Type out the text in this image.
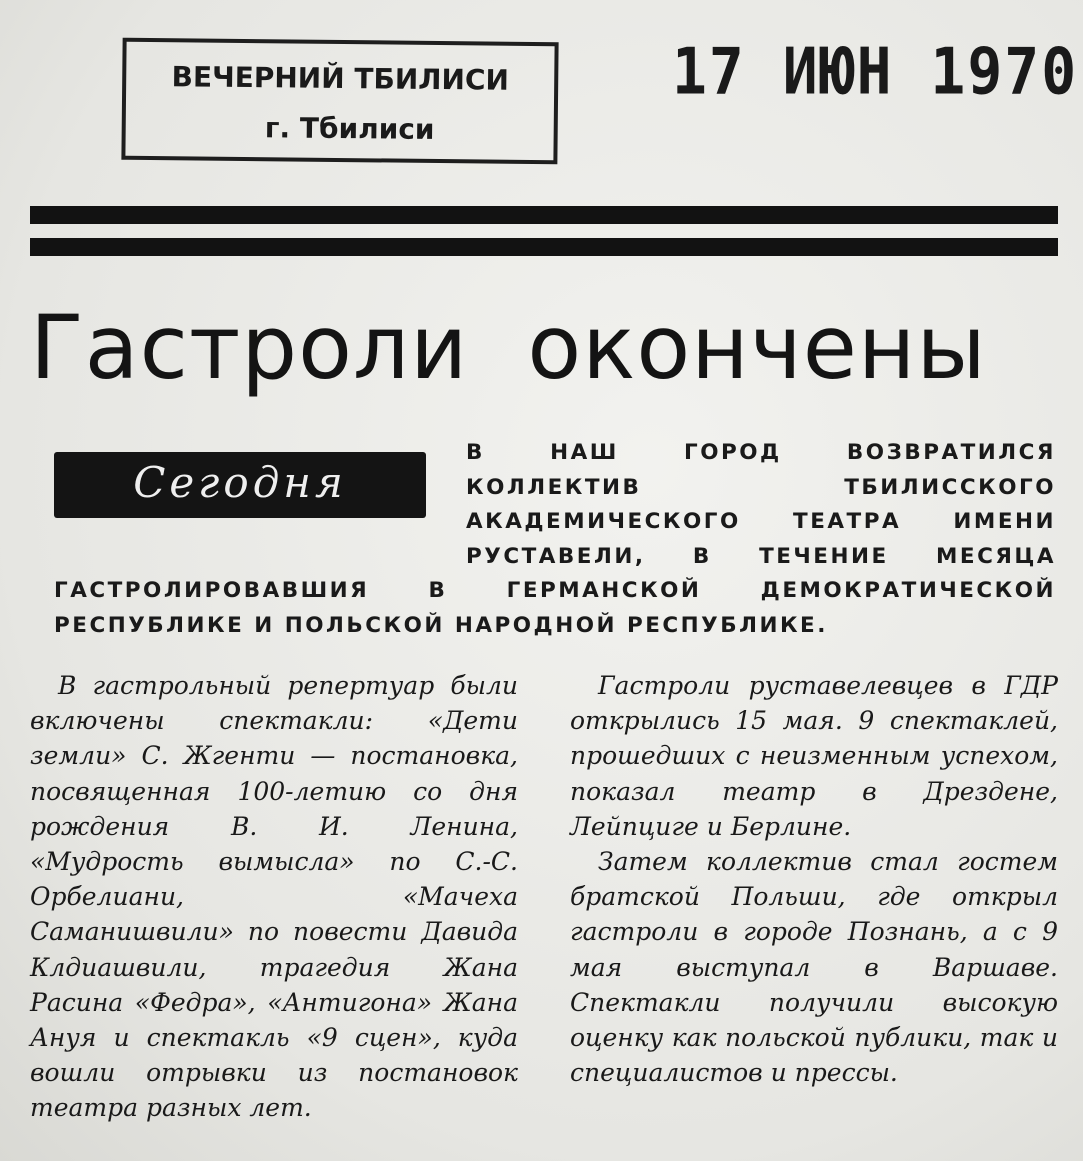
ВЕЧЕРНИЙ ТБИЛИСИ
г. Тбилиси
17 ИЮН 1970
Гастроли окончены

В НАШ ГОРОД ВОЗВРАТИЛСЯ КОЛЛЕКТИВ ТБИЛИССКОГО АКАДЕМИЧЕСКОГО ТЕАТРА ИМЕНИ РУСТАВЕЛИ, В ТЕЧЕНИЕ МЕСЯЦА ГАСТРОЛИРОВАВШИЯ В ГЕРМАНСКОЙ ДЕМОКРАТИЧЕСКОЙ РЕСПУБЛИКЕ И ПОЛЬСКОЙ НАРОДНОЙ РЕСПУБЛИКЕ.

Сегодня

В гастрольный репертуар были включены спектакли: «Дети земли» С. Жгенти — постановка, посвященная 100-летию со дня рождения В. И. Ленина, «Мудрость вымысла» по С.-С. Орбелиани, «Мачеха Саманишвили» по повести Давида Клдиашвили, трагедия Жана Расина «Федра», «Антигона» Жана Ануя и спектакль «9 сцен», куда вошли отрывки из постановок театра разных лет.

Гастроли руставелевцев в ГДР открылись 15 мая. 9 спектаклей, прошедших с неизменным успехом, показал театр в Дрездене, Лейпциге и Берлине.

Затем коллектив стал гостем братской Польши, где открыл гастроли в городе Познань, а с 9 мая выступал в Варшаве. Спектакли получили высокую оценку как польской публики, так и специалистов и прессы.
